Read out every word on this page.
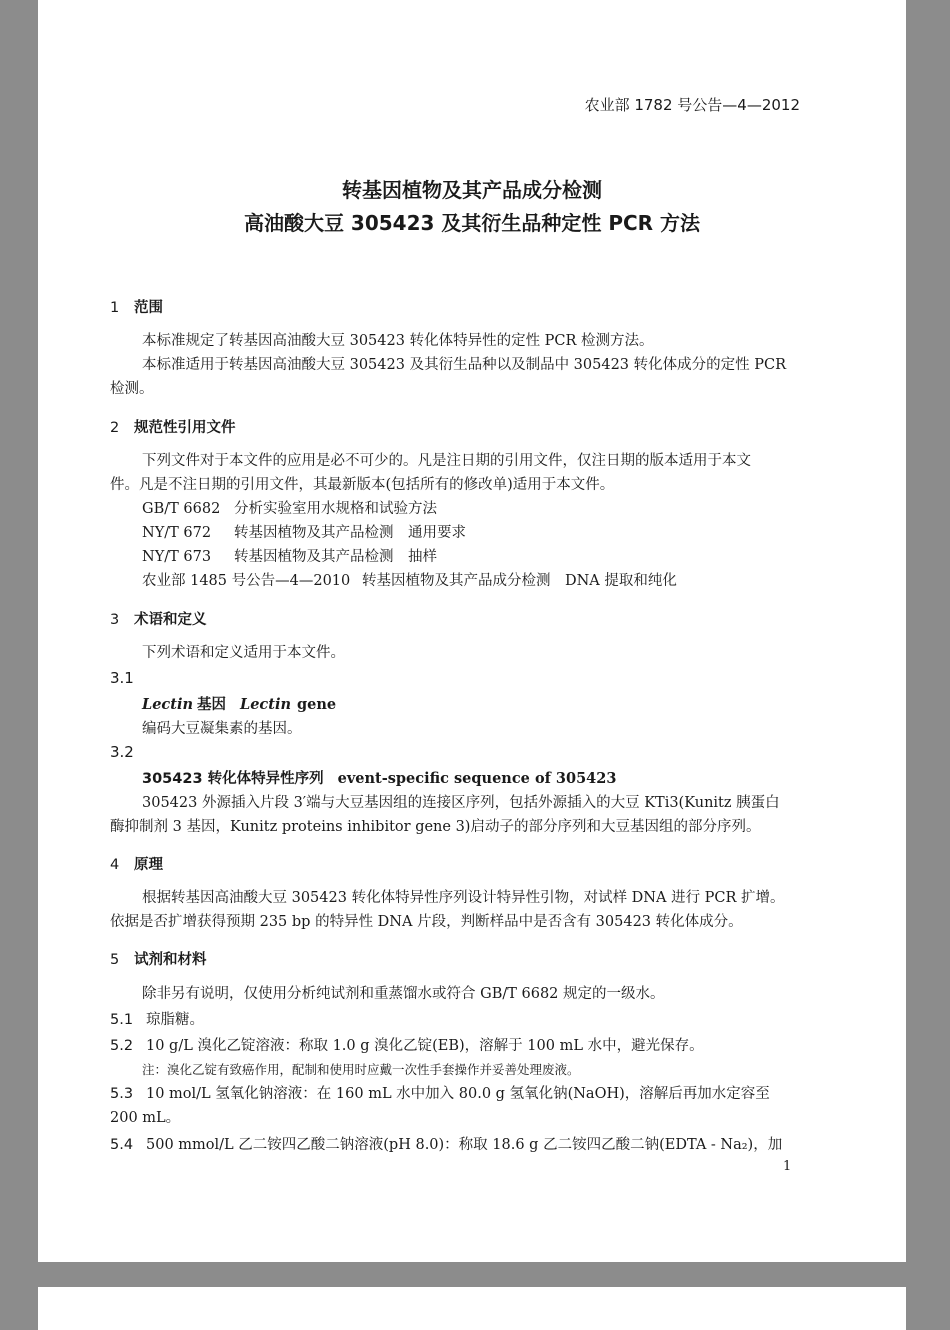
农业部 1782 号公告—4—2012
转基因植物及其产品成分检测
高油酸大豆 305423 及其衍生品种定性 PCR 方法
1 范围
本标准规定了转基因高油酸大豆 305423 转化体特异性的定性 PCR 检测方法。
本标准适用于转基因高油酸大豆 305423 及其衍生品种以及制品中 305423 转化体成分的定性 PCR
检测。
2 规范性引用文件
下列文件对于本文件的应用是必不可少的。凡是注日期的引用文件，仅注日期的版本适用于本文
件。凡是不注日期的引用文件，其最新版本(包括所有的修改单)适用于本文件。
GB/T 6682 分析实验室用水规格和试验方法
NY/T 672 转基因植物及其产品检测　通用要求
NY/T 673 转基因植物及其产品检测　抽样
农业部 1485 号公告—4—2010 转基因植物及其产品成分检测　DNA 提取和纯化
3 术语和定义
下列术语和定义适用于本文件。
3.1
Lectin 基因 Lectin gene
编码大豆凝集素的基因。
3.2
305423 转化体特异性序列 event-specific sequence of 305423
305423 外源插入片段 3′端与大豆基因组的连接区序列，包括外源插入的大豆 KTi3(Kunitz 胰蛋白
酶抑制剂 3 基因，Kunitz proteins inhibitor gene 3)启动子的部分序列和大豆基因组的部分序列。
4 原理
根据转基因高油酸大豆 305423 转化体特异性序列设计特异性引物，对试样 DNA 进行 PCR 扩增。
依据是否扩增获得预期 235 bp 的特异性 DNA 片段，判断样品中是否含有 305423 转化体成分。
5 试剂和材料
除非另有说明，仅使用分析纯试剂和重蒸馏水或符合 GB/T 6682 规定的一级水。
5.1 琼脂糖。
5.2 10 g/L 溴化乙锭溶液：称取 1.0 g 溴化乙锭(EB)，溶解于 100 mL 水中，避光保存。
注：溴化乙锭有致癌作用，配制和使用时应戴一次性手套操作并妥善处理废液。
5.3 10 mol/L 氢氧化钠溶液：在 160 mL 水中加入 80.0 g 氢氧化钠(NaOH)，溶解后再加水定容至
200 mL。
5.4 500 mmol/L 乙二铵四乙酸二钠溶液(pH 8.0)：称取 18.6 g 乙二铵四乙酸二钠(EDTA - Na₂)，加
1
